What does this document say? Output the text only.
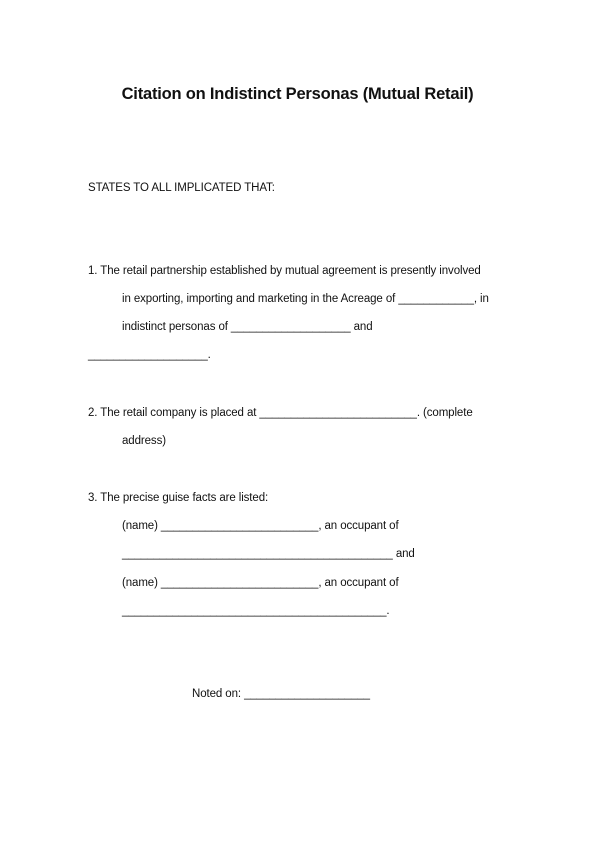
Citation on Indistinct Personas (Mutual Retail)
STATES TO ALL IMPLICATED THAT:
1. The retail partnership established by mutual agreement is presently involved
in exporting, importing and marketing in the Acreage of ____________, in
indistinct personas of ___________________ and
___________________.
2. The retail company is placed at _________________________. (complete
address)
3. The precise guise facts are listed:
(name) _________________________, an occupant of
___________________________________________ and
(name) _________________________, an occupant of
__________________________________________.
Noted on: ____________________
